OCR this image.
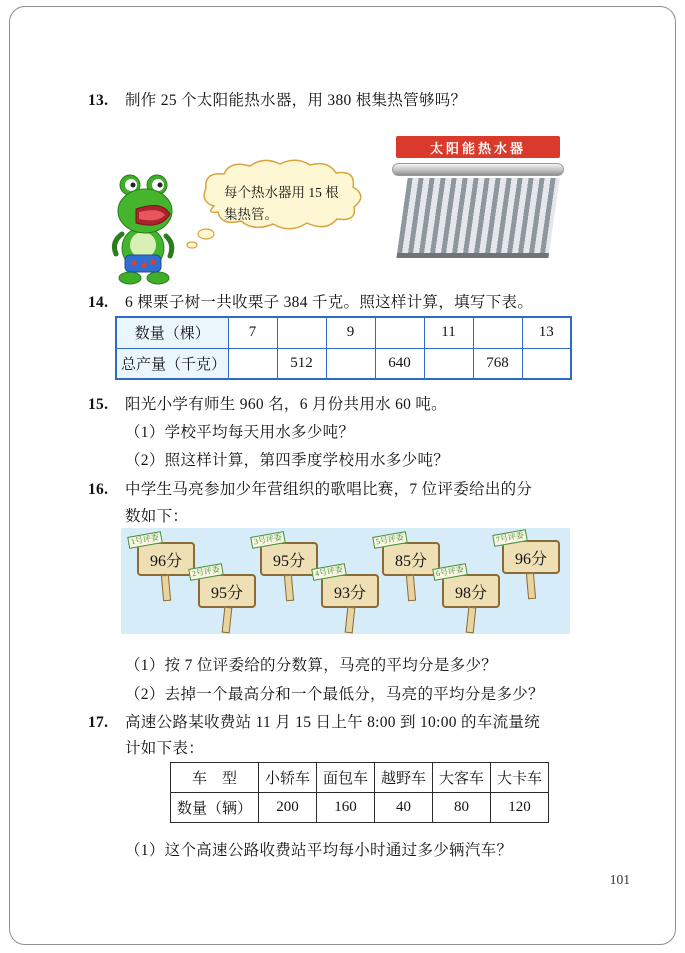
13. 制作 25 个太阳能热水器，用 380 根集热管够吗？
每个热水器用 15 根
集热管。
太阳能热水器
14. 6 棵栗子树一共收栗子 384 千克。照这样计算，填写下表。
数量（棵）	7		9		11		13
总产量（千克）		512		640		768	
15. 阳光小学有师生 960 名，6 月份共用水 60 吨。
（1）学校平均每天用水多少吨？
（2）照这样计算，第四季度学校用水多少吨？
16. 中学生马亮参加少年营组织的歌唱比赛，7 位评委给出的分
数如下：
1号评委
96分
2号评委
95分
3号评委
95分
4号评委
93分
5号评委
85分
6号评委
98分
7号评委
96分
（1）按 7 位评委给的分数算，马亮的平均分是多少？
（2）去掉一个最高分和一个最低分，马亮的平均分是多少？
17. 高速公路某收费站 11 月 15 日上午 8:00 到 10:00 的车流量统
计如下表：
车　型	小轿车	面包车	越野车	大客车	大卡车
数量（辆）	200	160	40	80	120
（1）这个高速公路收费站平均每小时通过多少辆汽车？
101
